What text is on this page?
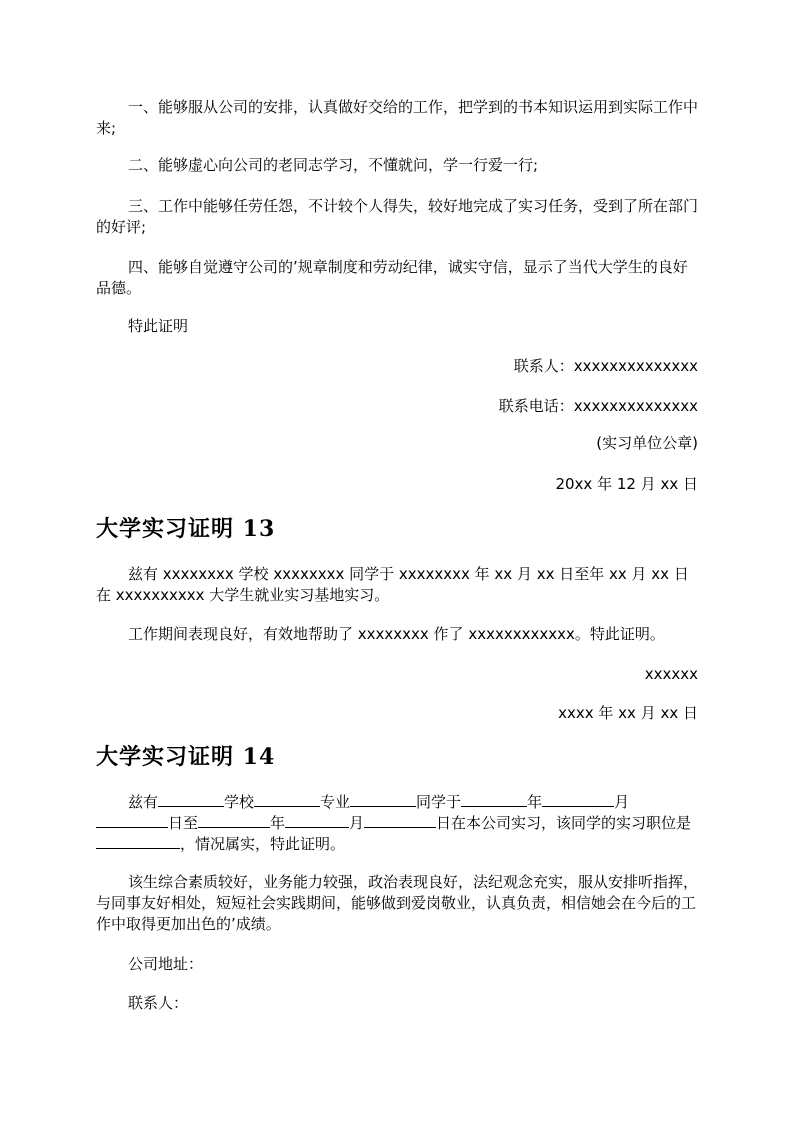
一、能够服从公司的安排，认真做好交给的工作，把学到的书本知识运用到实际工作中来;

二、能够虚心向公司的老同志学习，不懂就问，学一行爱一行;

三、工作中能够任劳任怨，不计较个人得失，较好地完成了实习任务，受到了所在部门的好评;

四、能够自觉遵守公司的’规章制度和劳动纪律，诚实守信，显示了当代大学生的良好品德。

特此证明

联系人：xxxxxxxxxxxxxx

联系电话：xxxxxxxxxxxxxx

(实习单位公章)

20xx 年 12 月 xx 日

大学实习证明 13

兹有 xxxxxxxx 学校 xxxxxxxx 同学于 xxxxxxxx 年 xx 月 xx 日至年 xx 月 xx 日在 xxxxxxxxxx 大学生就业实习基地实习。

工作期间表现良好，有效地帮助了 xxxxxxxx 作了 xxxxxxxxxxxx。特此证明。

xxxxxx

xxxx 年 xx 月 xx 日

大学实习证明 14

兹有	学校	专业	同学于	年	月日至	年	月	日在本公司实习，该同学的实习职位是，情况属实，特此证明。

该生综合素质较好，业务能力较强，政治表现良好，法纪观念充实，服从安排听指挥，与同事友好相处，短短社会实践期间，能够做到爱岗敬业，认真负责，相信她会在今后的工作中取得更加出色的’成绩。

公司地址：

联系人：
